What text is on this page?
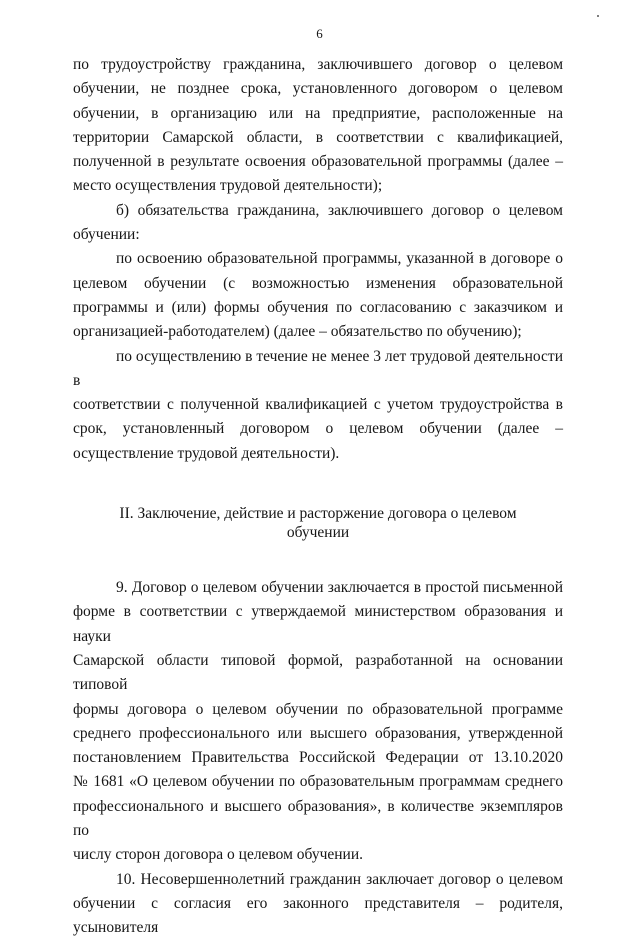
6
по трудоустройству гражданина, заключившего договор о целевом
обучении, не позднее срока, установленного договором о целевом
обучении, в организацию или на предприятие, расположенные на
территории Самарской области, в соответствии с квалификацией,
полученной в результате освоения образовательной программы (далее –
место осуществления трудовой деятельности);
б) обязательства гражданина, заключившего договор о целевом
обучении:
по освоению образовательной программы, указанной в договоре о
целевом обучении (с возможностью изменения образовательной
программы и (или) формы обучения по согласованию с заказчиком и
организацией-работодателем) (далее – обязательство по обучению);
по осуществлению в течение не менее 3 лет трудовой деятельности в
соответствии с полученной квалификацией с учетом трудоустройства в
срок, установленный договором о целевом обучении (далее –
осуществление трудовой деятельности).
II. Заключение, действие и расторжение договора о целевом
обучении
9. Договор о целевом обучении заключается в простой письменной
форме в соответствии с утверждаемой министерством образования и науки
Самарской области типовой формой, разработанной на основании типовой
формы договора о целевом обучении по образовательной программе
среднего профессионального или высшего образования, утвержденной
постановлением Правительства Российской Федерации от 13.10.2020
№ 1681 «О целевом обучении по образовательным программам среднего
профессионального и высшего образования», в количестве экземпляров по
числу сторон договора о целевом обучении.
10. Несовершеннолетний гражданин заключает договор о целевом
обучении с согласия его законного представителя – родителя, усыновителя
